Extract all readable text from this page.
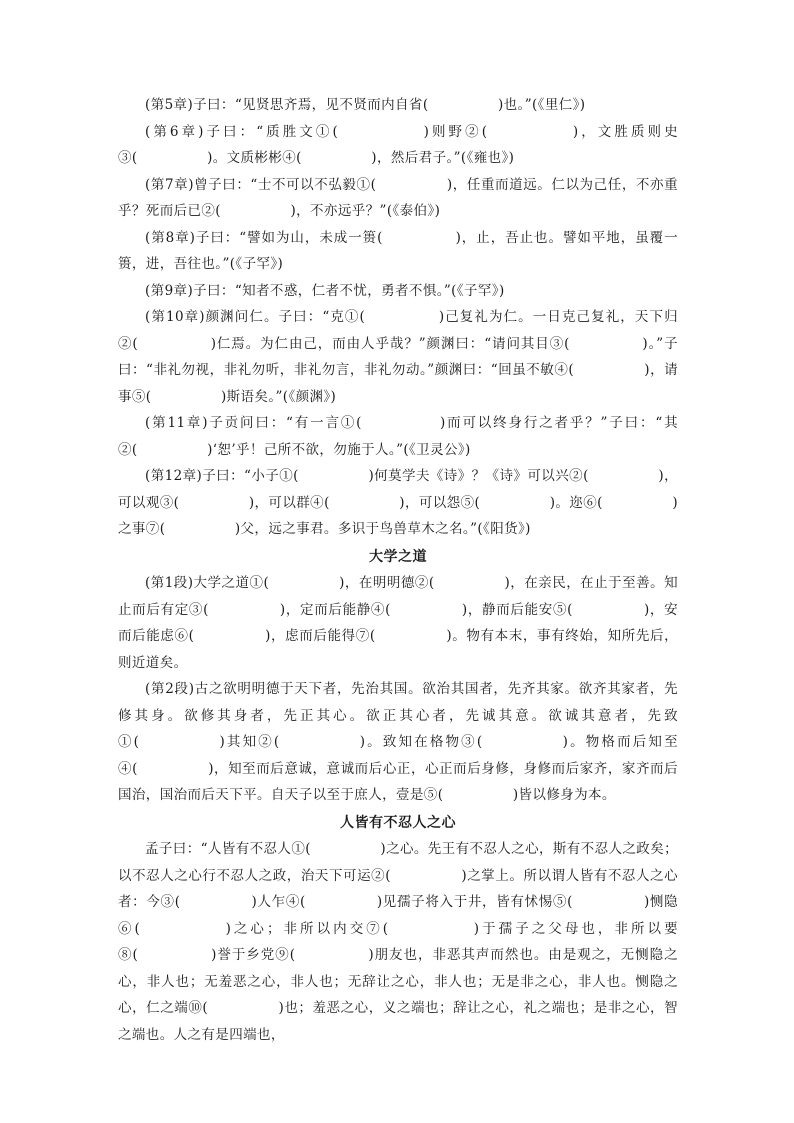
(第5章)子曰：“见贤思齐焉，见不贤而内自省(　　　　　)也。”(《里仁》)

(第6章)子曰：“质胜文①(　　　　　)则野②(　　　　　)，文胜质则史③(　　　　　)。文质彬彬④(　　　　　)，然后君子。”(《雍也》)

(第7章)曾子曰：“士不可以不弘毅①(　　　　　)，任重而道远。仁以为己任，不亦重乎？死而后已②(　　　　　)，不亦远乎？”(《泰伯》)

(第8章)子曰：“譬如为山，未成一篑(　　　　　)，止，吾止也。譬如平地，虽覆一篑，进，吾往也。”(《子罕》)

(第9章)子曰：“知者不惑，仁者不忧，勇者不惧。”(《子罕》)

(第10章)颜渊问仁。子曰：“克①(　　　　　)己复礼为仁。一日克己复礼，天下归②(　　　　　)仁焉。为仁由己，而由人乎哉？”颜渊曰：“请问其目③(　　　　　)。”子曰：“非礼勿视，非礼勿听，非礼勿言，非礼勿动。”颜渊曰：“回虽不敏④(　　　　　)，请事⑤(　　　　　)斯语矣。”(《颜渊》)

(第11章)子贡问曰：“有一言①(　　　　　)而可以终身行之者乎？”子曰：“其②(　　　　　)‘恕’乎！己所不欲，勿施于人。”(《卫灵公》)

(第12章)子曰：“小子①(　　　　　)何莫学夫《诗》？《诗》可以兴②(　　　　　)，可以观③(　　　　　)，可以群④(　　　　　)，可以怨⑤(　　　　　)。迩⑥(　　　　　)之事⑦(　　　　　)父，远之事君。多识于鸟兽草木之名。”(《阳货》)

大学之道

(第1段)大学之道①(　　　　　)，在明明德②(　　　　　)，在亲民，在止于至善。知止而后有定③(　　　　　)，定而后能静④(　　　　　)，静而后能安⑤(　　　　　)，安而后能虑⑥(　　　　　)，虑而后能得⑦(　　　　　)。物有本末，事有终始，知所先后，则近道矣。

(第2段)古之欲明明德于天下者，先治其国。欲治其国者，先齐其家。欲齐其家者，先修其身。欲修其身者，先正其心。欲正其心者，先诚其意。欲诚其意者，先致①(　　　　　)其知②(　　　　　)。致知在格物③(　　　　　)。物格而后知至④(　　　　　)，知至而后意诚，意诚而后心正，心正而后身修，身修而后家齐，家齐而后国治，国治而后天下平。自天子以至于庶人，壹是⑤(　　　　　)皆以修身为本。

人皆有不忍人之心

孟子曰：“人皆有不忍人①(　　　　　)之心。先王有不忍人之心，斯有不忍人之政矣；以不忍人之心行不忍人之政，治天下可运②(　　　　　)之掌上。所以谓人皆有不忍人之心者：今③(　　　　　)人乍④(　　　　　)见孺子将入于井，皆有怵惕⑤(　　　　　)恻隐⑥(　　　　　)之心；非所以内交⑦(　　　　　)于孺子之父母也，非所以要⑧(　　　　　)誉于乡党⑨(　　　　　)朋友也，非恶其声而然也。由是观之，无恻隐之心，非人也；无羞恶之心，非人也；无辞让之心，非人也；无是非之心，非人也。恻隐之心，仁之端⑩(　　　　　)也；羞恶之心，义之端也；辞让之心，礼之端也；是非之心，智之端也。人之有是四端也，
